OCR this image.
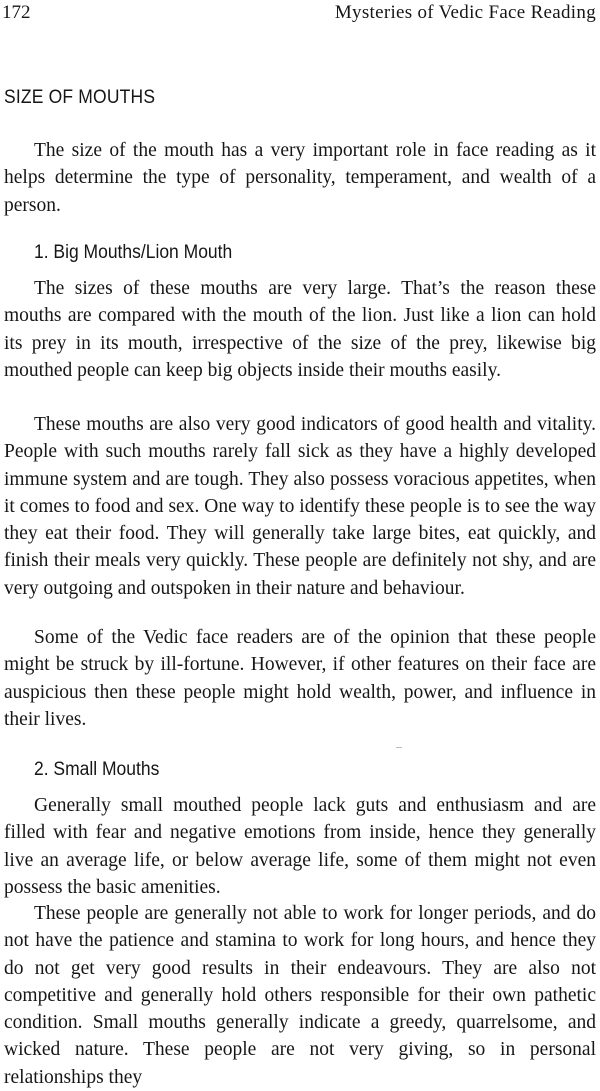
172	Mysteries of Vedic Face Reading
SIZE OF MOUTHS

The size of the mouth has a very important role in face reading as it helps determine the type of personality, temperament, and wealth of a person.

1. Big Mouths/Lion Mouth

The sizes of these mouths are very large. That’s the reason these mouths are compared with the mouth of the lion. Just like a lion can hold its prey in its mouth, irrespective of the size of the prey, likewise big mouthed people can keep big objects inside their mouths easily.

These mouths are also very good indicators of good health and vitality. People with such mouths rarely fall sick as they have a highly developed immune system and are tough. They also possess voracious appetites, when it comes to food and sex. One way to identify these people is to see the way they eat their food. They will generally take large bites, eat quickly, and finish their meals very quickly. These people are definitely not shy, and are very outgoing and outspoken in their nature and behaviour.

Some of the Vedic face readers are of the opinion that these people might be struck by ill-fortune. However, if other features on their face are auspicious then these people might hold wealth, power, and influence in their lives.

2. Small Mouths

Generally small mouthed people lack guts and enthusiasm and are filled with fear and negative emotions from inside, hence they generally live an average life, or below average life, some of them might not even possess the basic amenities.

These people are generally not able to work for longer periods, and do not have the patience and stamina to work for long hours, and hence they do not get very good results in their endeavours. They are also not competitive and generally hold others responsible for their own pathetic condition. Small mouths generally indicate a greedy, quarrelsome, and wicked nature. These people are not very giving, so in personal relationships they
